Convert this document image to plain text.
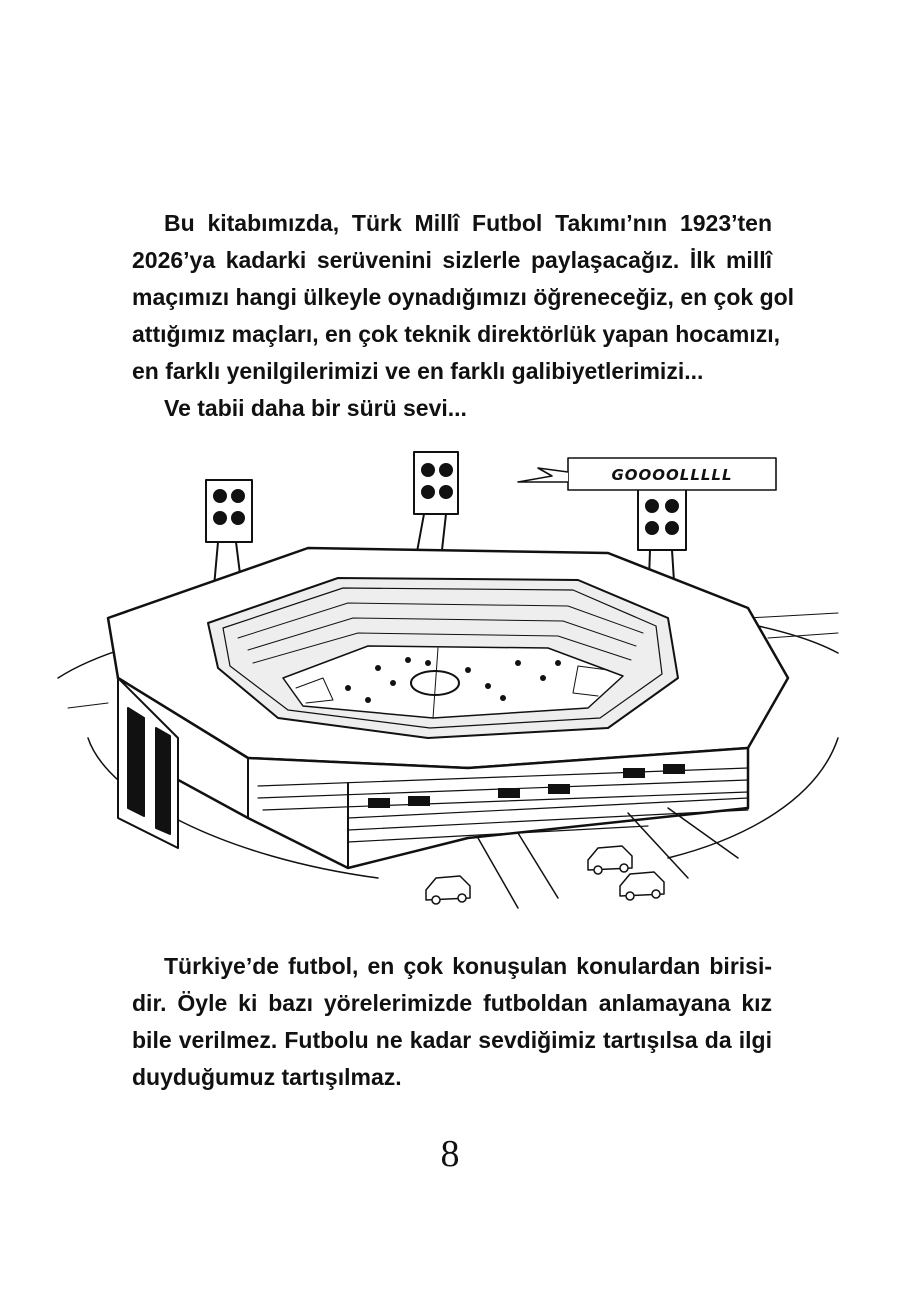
Bu kitabımızda, Türk Millî Futbol Takımı’nın 1923’ten
2026’ya kadarki serüvenini sizlerle paylaşacağız. İlk millî
maçımızı hangi ülkeyle oynadığımızı öğreneceğiz, en çok gol
attığımız maçları, en çok teknik direktörlük yapan hocamızı,
en farklı yenilgilerimizi ve en farklı galibiyetlerimizi...
Ve tabii daha bir sürü sevi...
GOOOOLLLLL
Türkiye’de futbol, en çok konuşulan konulardan birisi-
dir. Öyle ki bazı yörelerimizde futboldan anlamayana kız
bile verilmez. Futbolu ne kadar sevdiğimiz tartışılsa da ilgi
duyduğumuz tartışılmaz.
8
